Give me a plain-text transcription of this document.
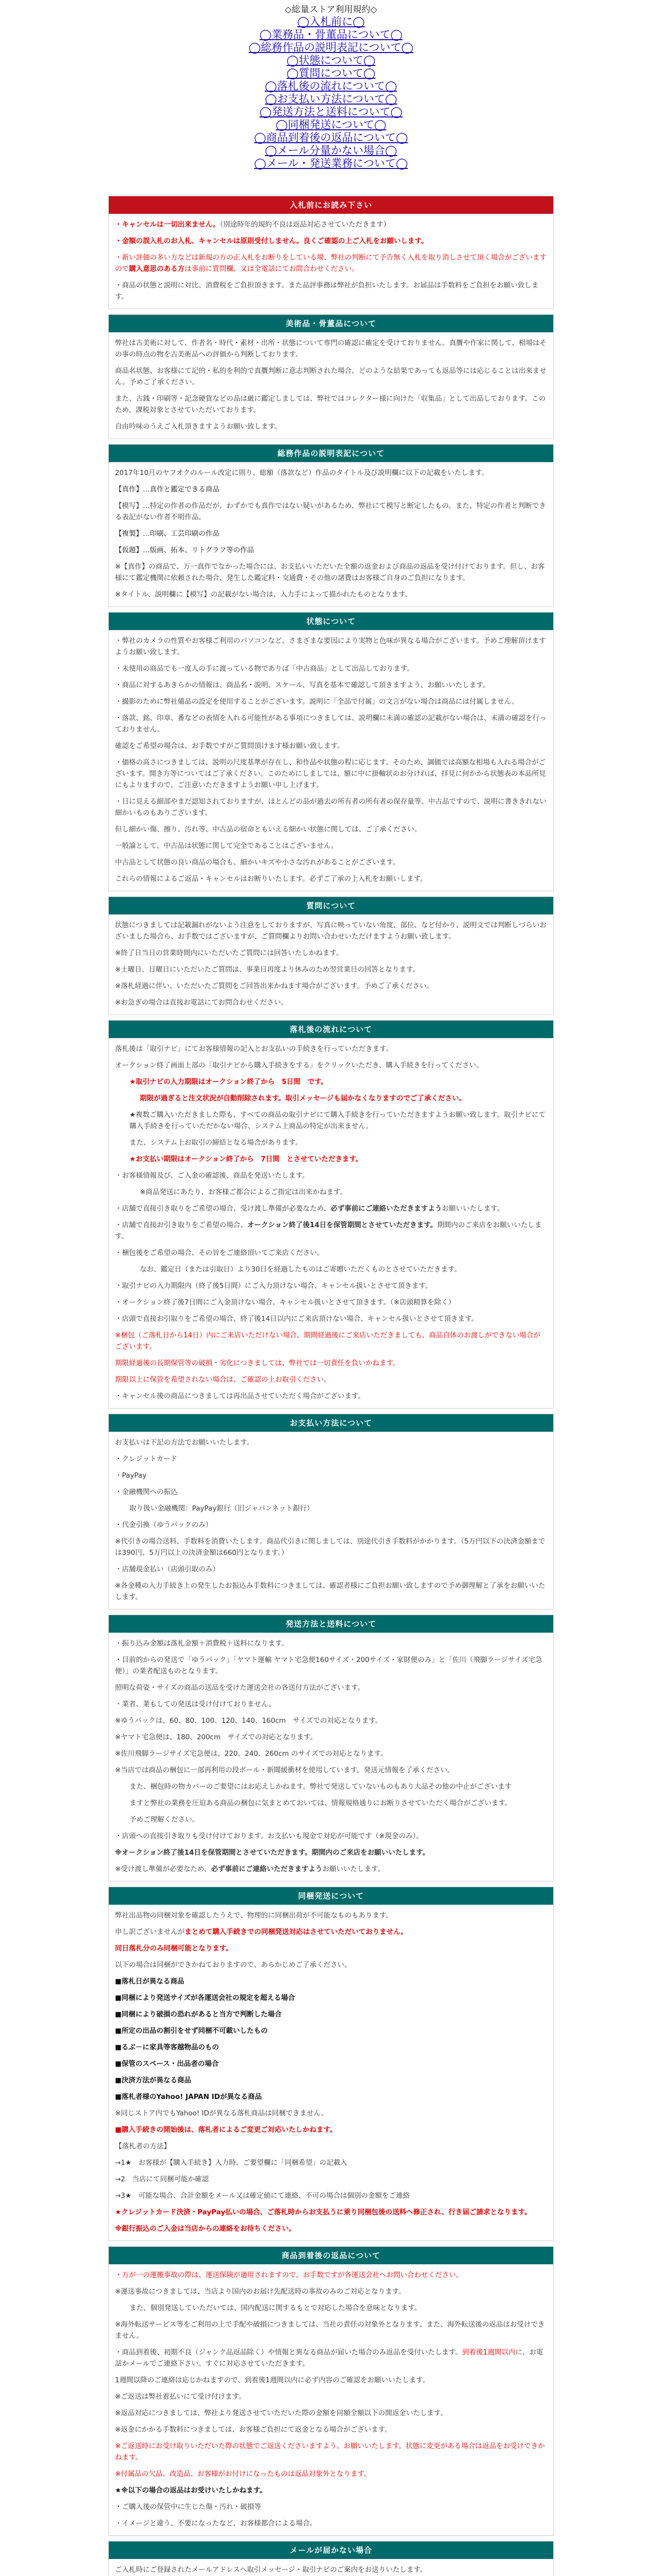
◇総量ストア利用規約◇
◯入札前に◯
◯業務品・骨董品について◯
◯総務作品の説明表記について◯
◯状態について◯
◯質問について◯
◯落札後の流れについて◯
◯お支払い方法について◯
◯発送方法と送料について◯
◯同梱発送について◯
◯商品到着後の返品について◯
◯メール分量かない場合◯
◯メール・発送業務について◯
入札前にお読み下さい

・キャンセルは一切出来ません。（別途時年的規約不良は返品対応させていただきます）

・金額の誤入札のお入札、キャンセルは原則受付しません。良くご確認の上ご入札をお願いします。

・新い評価の多い方などは新規の方の正入札をお断りをしている場、弊社の判断にて予告無く入札を取り消しさせて頂く場合がございますので購入意思のある方は事前に質問欄、又は全電話にてお問合わせください。

・商品の状態と説明に対比、消費税をご負担頂きます。また品評事務は弊社が負担いたします。お届品は手数料をご負担をお願い致します。

美術品・骨董品について

弊社は古美術に対して、作者名・時代・素材・出所・状態について専門の確認に確定を受けておりません。真贋や作家に関して、相場はその事の時点の物を古美術品への評価から判断しております。

商品名状態、お客様にて記的・私的を利的で真贋判断に意志判断された場合、どのような結果であっても返品等には応じることは出来ません。予めご了承ください。

また、古銭・印刷等・記念硬貨などの品は厳に鑑定しましては、弊社ではコレクター様に向けた「収集品」として出品しております。このため、課税対象とさせていただいております。

自由吟味のうえご入札頂きますようお願い致します。

総務作品の説明表記について

2017年10月のヤフオクのルール改定に則り、総額（落款など）作品のタイトル及び説明欄に以下の記載をいたします。

【真作】…真作と鑑定できる商品

【模写】…特定の作者の作品だが、わずかでも真作ではない疑いがあるため、弊社にて模写と断定したもの。また、特定の作者と判断できる表記がない作者不明作品。

【複製】…印刷、工芸印刷の作品

【仮題】…版画、拓本、リトグラフ等の作品

※【真作】の商品で、万一真作でなかった場合には、お支払いいただいた全額の返金および商品の返品を受け付けております。但し、お客様にて鑑定機関に依頼された場合、発生した鑑定料・交通費・その他の諸費はお客様ご自身のご負担になります。

※タイトル、説明欄に【模写】の記載がない場合は、入力手によって描かれたものとなります。

状態について

・弊社のカメラの性質やお客様ご利用のパソコンなど、さまざまな要因により実物と色味が異なる場合がございます。予めご理解頂けますようお願い致します。

・未使用の商品でも一度人の手に渡っている物でありば「中古商品」として出品しております。

・商品に対するあきらかの情報は、商品名・説明、スケール、写真を基本で確認して頂きますよう、お願いいたします。

・撮影のために弊社備品の設定を使用することがございます。説明に「全品で付属」の文言がない場合は商品には付属しません。

・落款、銘、印章、番などの表情を入れる可能性がある事項につきましては、説明欄に未満の確認の記載がない場合は、未満の確認を行っておりません。

確認をご希望の場合は、お手数ですがご質問頂けます様お願い致します。

・価格の高さにつきましては、説明の尺度基準が存在し、和作品や状態の程に応じます。そのため、調価では高額な相場も入れる場合がございます。開き方等についてはご了承ください。このためにしましては、額に中に掛軸状のお分ければ、拝見に何かから状態表の本品所見にもよりますので、ご注意いただきますようお願い申し上げます。

・日に見える細部やまだ認知されておりますが、ほとんどの品が過去の所有者の所有者の保存量等、中古品ですので、説明に書ききれない細かいものもありございます。

但し細かい傷、擦り、汚れ等、中古品の宿命ともいえる細かい状態に関しては、ご了承ください。

一般論として、中古品は状態に関して完全であることはございません。

中古品として状態の良い商品の場合も、細かいキズや小さな汚れがあることがございます。

これらの情報によるご返品・キャンセルはお断りいたします。必ずご了承の上入札をお願いします。

質問について

状態につきましては記載漏れがないよう注意をしておりますが、写真に映っていない角度、部位、など付かり、説明文では判断しづらいおざいました場合ら、お手数ではございますが、ご質問欄よりお問い合わせいただけますようお願い致します。

※終了日当日の営業時間内にいただいたご質問には回答いたしかねます。

※土曜日、日曜日にいただいたご質問は、事業日再度より休みのため翌営業日の回答となります。

※落札経過に伴い、いただいたご質問をご回答出来かねます場合がございます。予めご了承ください。

※お急ぎの場合は直接お電話にてお問合わせください。

落札後の流れについて

落札後は「取引ナビ」にてお客様情報の記入とお支払いの手続きを行っていただきます。

オークション終了画面上部の「取引ナビから購入手続きをする」をクリックいただき、購入手続きを行ってください。

★取引ナビの入力期限はオークション終了から　5日間　です。

期限が過ぎると注文状況が自動削除されます。取引メッセージも届かなくなりますのでご了承ください。

★複数ご購入いただきました際も、すべての商品の取引ナビにて購入手続きを行っていただきますようお願い致します。取引ナビにて購入手続きを行っていただかない場合、システム上商品の特定が出来ません。

また、システム上お取引の締結となる場合があります。

★お支払い期限はオークション終了から　7日間　とさせていただきます。

・お客様情報及び、ご入金の確認後、商品を発送いたします。

※商品発送にあたり、お客様ご都合によるご指定は出来かねます。

・店舗で直接引き取りをご希望の場合、受け渡し準備が必要なため、必ず事前にご連絡いただきますようお願いいたします。

・店舗で直接お引き取りをご希望の場合、オークション終了後14日を保管期間とさせていただきます。期間内のご来店をお願いいたします。

・梱包後をご希望の場合、その旨をご連絡頂いてご来店ください。

なお、鑑定日（または引取日）より30日を経過したものはご寄贈いただくものとさせていただきます。

・取引ナビの入力期限内（終了後5日間）にご入力頂けない場合、キャンセル扱いとさせて頂きます。

・オークション終了後7日間にご入金頂けない場合、キャンセル扱いとさせて頂きます。（※店頭精算を除く）

・店頭で直接お引取りをご希望の場合、終了後14日以内にご来店頂けない場合、キャンセル扱いとさせて頂きます。

※梱包（ご落札日から14日）内にご来店いただけない場合、期間経過後にご来店いただきましても、商品自体のお渡しができない場合がございます。

期限経過後の長期保管等の破損・劣化につきましては、弊社では一切責任を負いかねます。

期限以上に保管を希望されない場合は、ご確認の上お取引ください。

・キャンセル後の商品につきましては再出品させていただく場合がございます。

お支払い方法について

お支払いは下記の方法でお願いいたします。

・クレジットカード

・PayPay

・金融機関への振込

取り扱い金融機関：PayPay銀行（旧ジャパンネット銀行）

・代金引換（ゆうパックのみ）

※代引きの場合送料、手数料を消費いたします。商品代引きに関しましては、別途代引き手数料がかかります。（5万円以下の決済金額までは390円、5万円以上の決済金額は660円となります。）

・店舗現金払い（店頭引取のみ）

※各金種の入力手続き上の発生したお振込み手数料につきましては、確認者様にご負担お願い致しますので予め御理解と了承をお願いいたします。

発送方法と送料について

・振り込み金額は落札金額＋消費税＋送料になります。

・目前的からの発送で「ゆうパック」「ヤマト運輸 ヤマト宅急便160サイズ・200サイズ・家財便のみ」と「佐川（飛脚ラージサイズ宅急便）」の業者配送ものとなります。

照明な荷姿・サイズの商品の送品を受けた運送会社の各送付方法がございます。

・業者、業もしての発送は受け付けておりません。

※ゆうパックは、60、80、100、120、140、160cm　サイズでの対応となります。

※ヤマト宅急便は、180、200cm　サイズでの対応となります。

※佐川飛脚ラージサイズ宅急便は、220、240、260cm のサイズでの対応となります。

※当店では商品の梱包に一部再利用の段ボール・新聞緩衝材を使用しています。発送元情報を了承ください。

また、梱包時の物カバーのご要望にはお応えしかねます。弊社で発送していないものもあり大品その他の中止がございます

ますと弊社の業務を圧迫ある商品の梱包に気まとめておいては、情報規格通りにお断りさせていただく場合がございます。

予めご理解ください。

・店頭への直接引き取りも受け付けております。お支払いも現金で対応が可能です（※現金のみ）。

※オークション終了後14日を保管期間とさせていただきます。期間内のご来店をお願いいたします。

※受け渡し準備が必要なため、必ず事前にご連絡いただきますようお願いいたします。

同梱発送について

弊社出品物の同梱対象を確認したうえで、物理的に同梱出荷が不可能なものもあります。

申し訳ございませんがまとめて購入手続きでの同梱発送対応はさせていただいておりません。

同日落札分のみ同梱可能となります。

以下の場合は同梱ができかねておりますので、あらかじめご了承ください。

■落札日が異なる商品

■同梱により発送サイズが各運送会社の規定を超える場合

■同梱により破損の恐れがあると当方で判断した場合

■所定の出品の割引をせず同梱不可載いしたもの

■るぶ－に家具等客越物品のもの

■保管のスペース・出品者の場合

■決済方法が異なる商品

■落札者様のYahoo! JAPAN IDが異なる商品

※同じストア内でもYahoo! IDが異なる落札商品は同梱できません。

■購入手続きの開始後は、落札者によるご変更ご対応いたしかねます。

【落札者の方法】

→1★　お客様が【購入手続き】入力時、ご要望欄に「同梱希望」の記載入

→2　当店にて同梱可能か確認

→3★　可能な場合、合計金額をメール又は確定値にて連絡、不可の場合は個別の金額をご連絡

★クレジットカード決済・PayPay払いの場合、ご落札時からお支払うに乗り同梱包後の送料へ修正され、行き届ご請求となります。

※銀行振込のご入金は当店からの連絡をお待ちください。

商品到着後の返品について

・万が一の運搬事故の際は、運送保険が適用されますので、お手数ですが各運送会社へお問い合わせください。

※運送事故につきましては、当店より国内のお届け先配送時の事故のみのご対応となります。

また、個別発送していただいては、国内配送に関するもとで対応した場合を意味となります。

※海外転送サービス等をご利用の上で手配や破損につきましては、当社の責任の対象外となります。また、海外転送後の返品はお受けできません。

・商品到着後、初期不良（ジャンク品返品除く）や情報と異なる商品が届いた場合のみ返品を受付いたします。到着後1週間以内に、お電話かメールでご連絡下さい。すぐに対応させていただきます。

1週間以降のご連絡は応じかねますので、到着後1週間以内に必ず内容のご確認をお願いいたします。

※ご返送は弊社着払いにて受け付けます。

※返品対応につきましては、弊社より発送させていただいた際の金額を同額全額以下の開返金いたします。

※返金にかかる手数料につきましては、お客様ご負担にて返金となる場合がございます。

※ご返送時にお受け取りいただいた際の状態でご返送くださいますよう、お願いいたします。状態に変更がある場合は返品をお受けできかねます。

※付属品の欠品、改造品、お客様がお付けになったものは返品対象外となります。

★※以下の場合の返品はお受けいたしかねます。

・ご購入後の保管中に生じた傷・汚れ・破損等

・イメージと違う、不要になったなど、お客様都合による場合。

メールが届かない場合

ご入札時にご登録されたメールアドレスへ取引メッセージ・取引ナビのご案内をお送りいたします。
